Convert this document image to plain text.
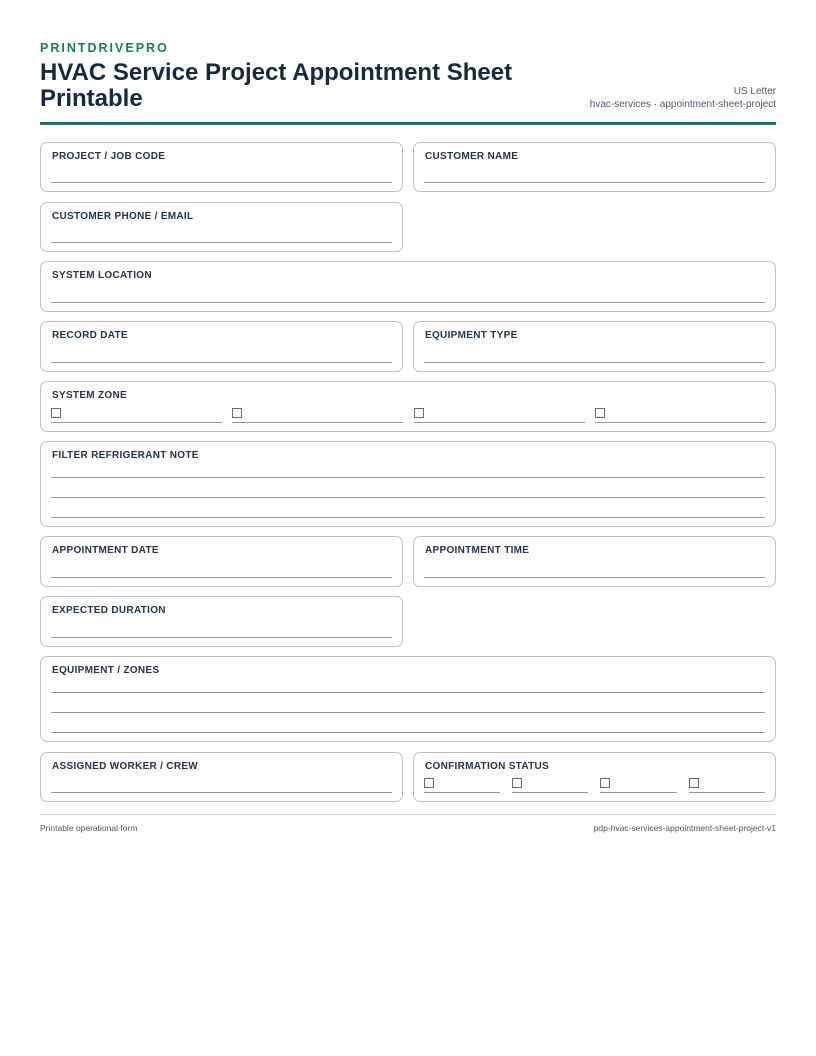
PRINTDRIVEPRO
HVAC Service Project Appointment Sheet Printable	US Letter
hvac-services · appointment-sheet-project
PROJECT / JOB CODE	CUSTOMER NAME
CUSTOMER PHONE / EMAIL
SYSTEM LOCATION
RECORD DATE	EQUIPMENT TYPE
SYSTEM ZONE
FILTER REFRIGERANT NOTE
APPOINTMENT DATE	APPOINTMENT TIME
EXPECTED DURATION
EQUIPMENT / ZONES
ASSIGNED WORKER / CREW	CONFIRMATION STATUS
Printable operational form	pdp-hvac-services-appointment-sheet-project-v1
